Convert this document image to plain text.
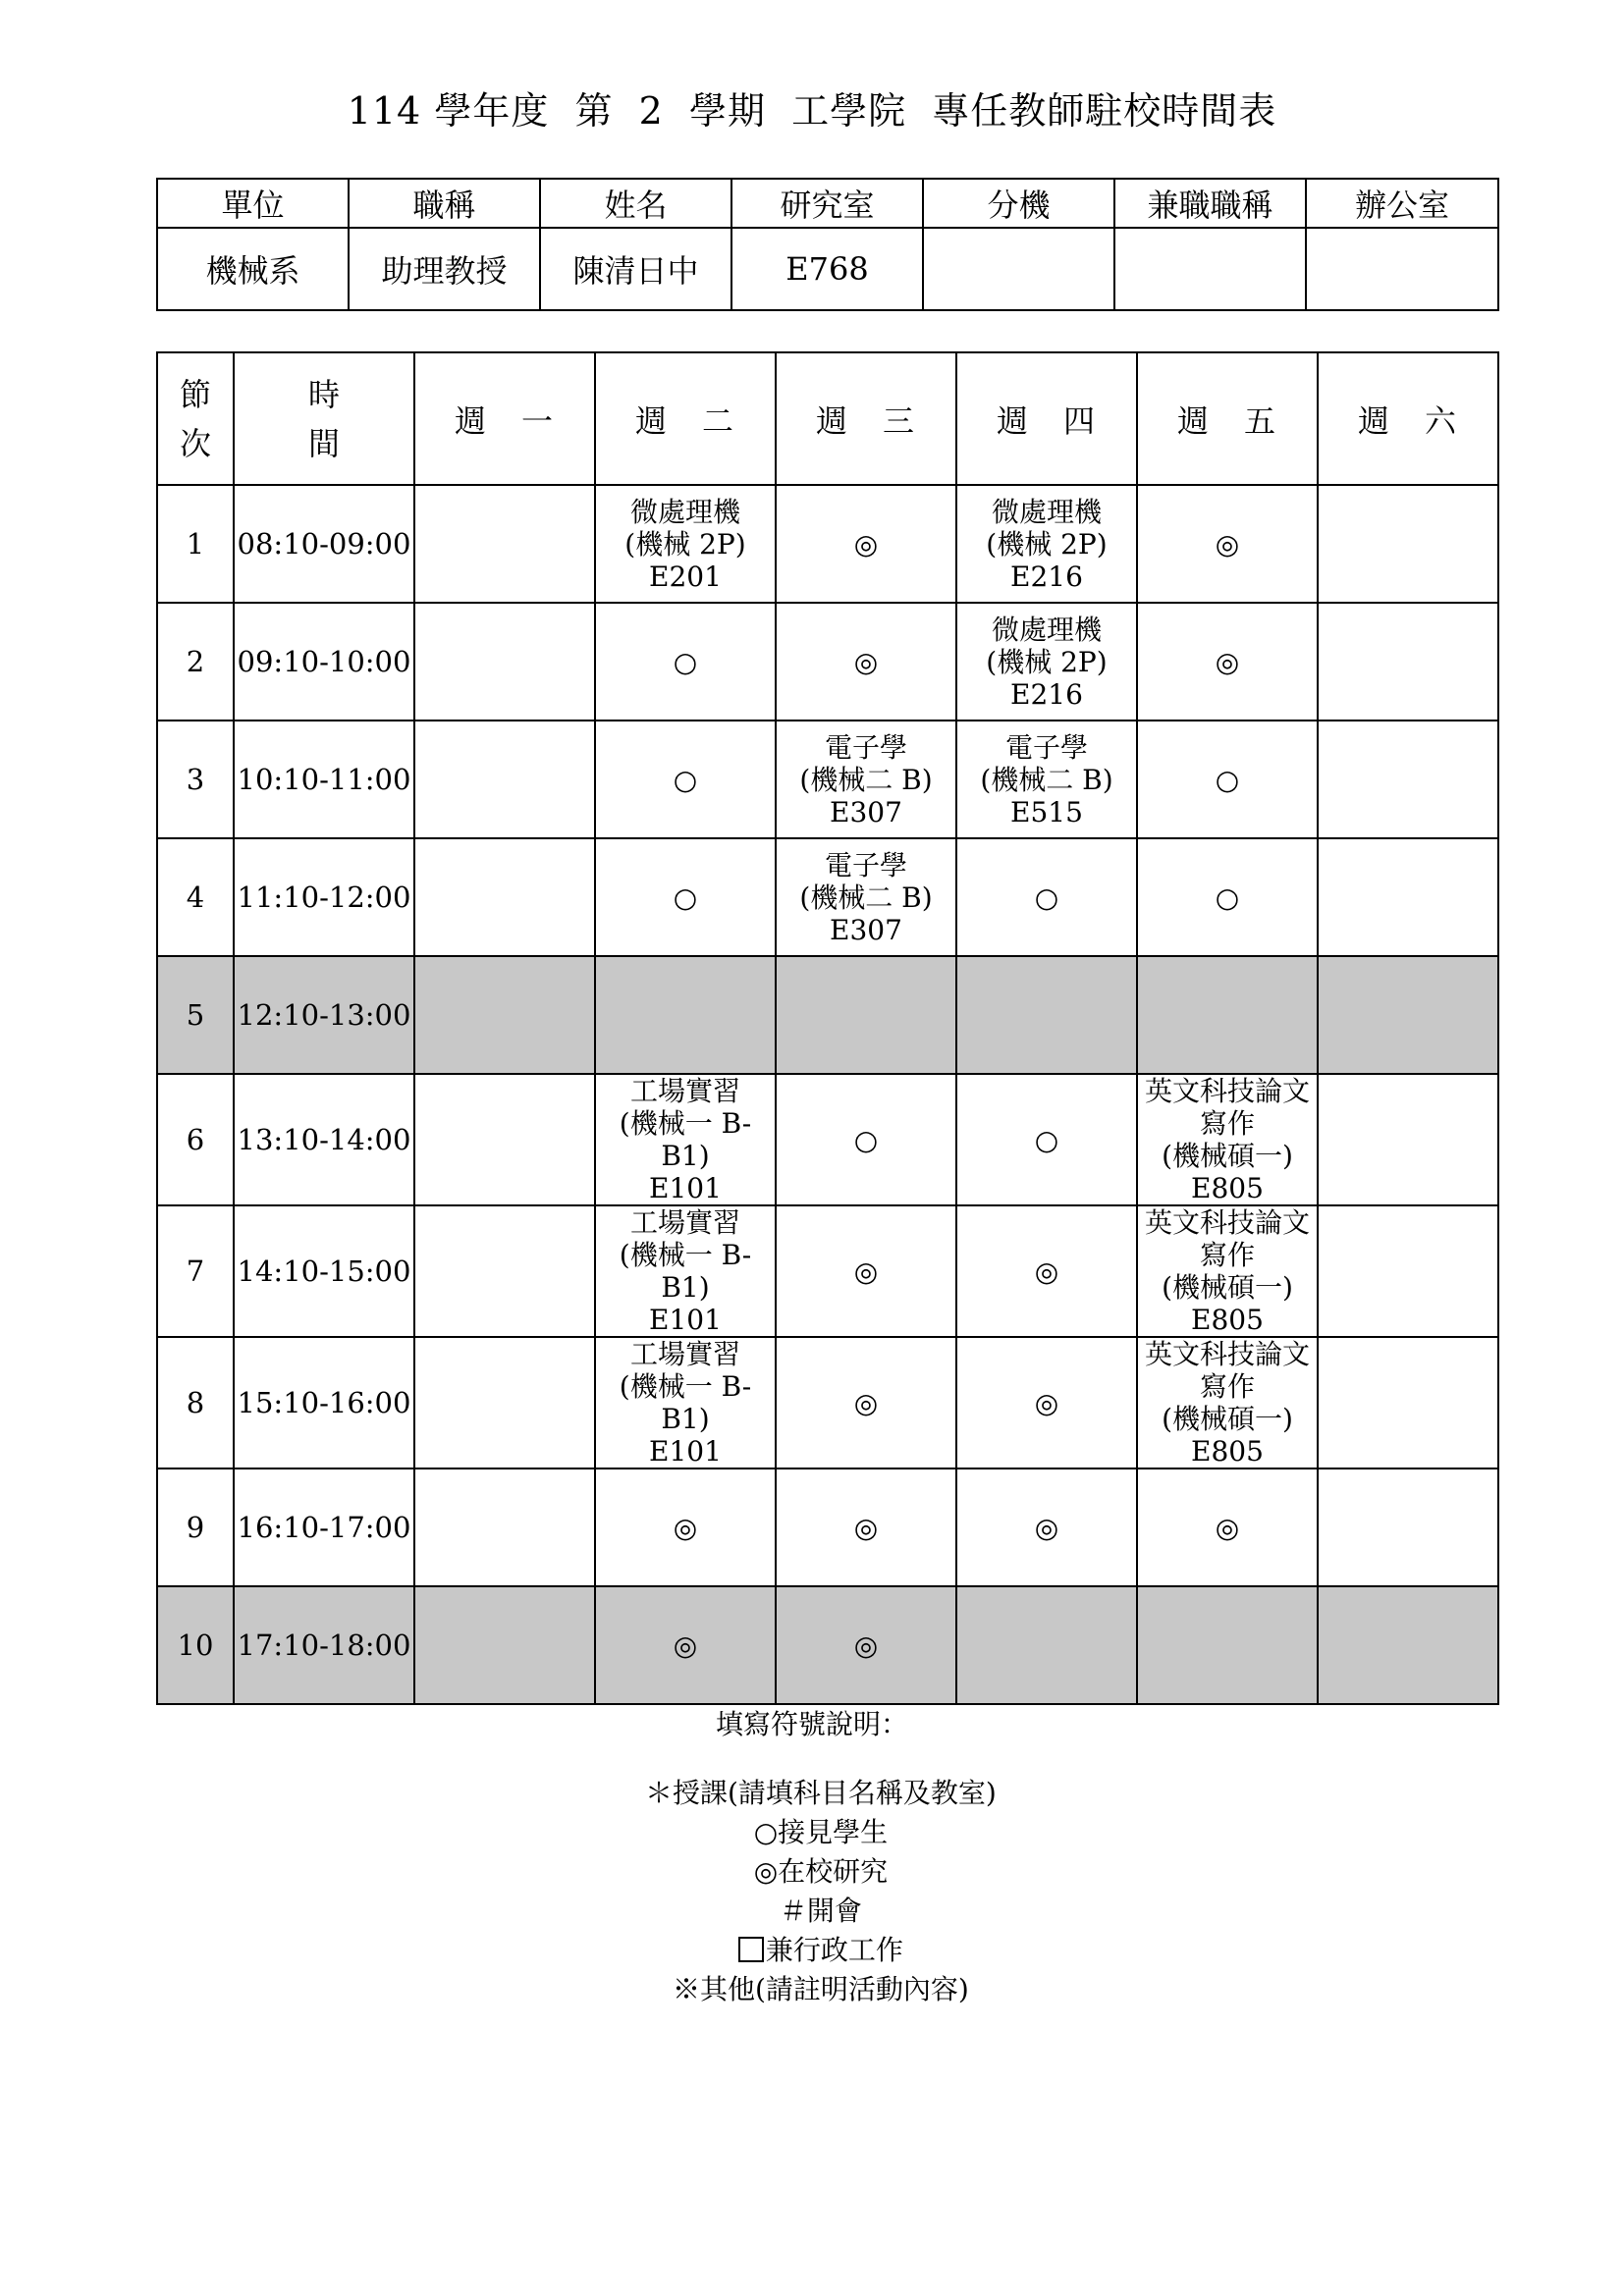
114 學年度  第  2  學期  工學院  專任教師駐校時間表
單位	職稱	姓名	研究室	分機	兼職職稱	辦公室
機械系	助理教授	陳清日中	E768			
節
次	時
間	週　一	週　二	週　三	週　四	週　五	週　六
1	08:10-09:00		微處理機
(機械 2P)
E201	◎	微處理機
(機械 2P)
E216	◎	
2	09:10-10:00		○	◎	微處理機
(機械 2P)
E216	◎	
3	10:10-11:00		○	電子學
(機械二 B)
E307	電子學
(機械二 B)
E515	○	
4	11:10-12:00		○	電子學
(機械二 B)
E307	○	○	
5	12:10-13:00						
6	13:10-14:00		工場實習
(機械一 B-B1)
E101	○	○	英文科技論文
寫作
(機械碩一)
E805	
7	14:10-15:00		工場實習
(機械一 B-B1)
E101	◎	◎	英文科技論文
寫作
(機械碩一)
E805	
8	15:10-16:00		工場實習
(機械一 B-B1)
E101	◎	◎	英文科技論文
寫作
(機械碩一)
E805	
9	16:10-17:00		◎	◎	◎	◎	
10	17:10-18:00		◎	◎			
填寫符號說明：

＊授課(請填科目名稱及教室)
○接見學生
◎在校研究
＃開會
兼行政工作
※其他(請註明活動內容)
